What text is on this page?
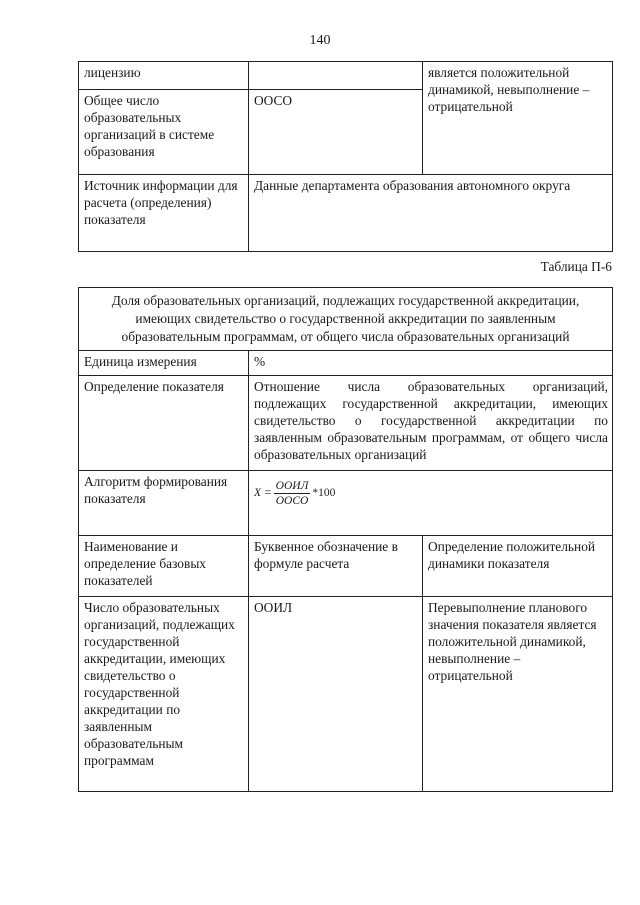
140
лицензию		является положительной динамикой, невыполнение – отрицательной
Общее число образовательных организаций в системе образования	ООСО	
Источник информации для расчета (определения) показателя	Данные департамента образования автономного округа	
Таблица П-6
Доля образовательных организаций, подлежащих государственной аккредитации, имеющих свидетельство о государственной аккредитации по заявленным образовательным программам, от общего числа образовательных организаций		
Единица измерения	%	
Определение показателя	Отношение числа образовательных организаций, подлежащих государственной аккредитации, имеющих свидетельство о государственной аккредитации по заявленным образовательным программам, от общего числа образовательных организаций	
Алгоритм формирования показателя	$X = \frac{\text{ООИЛ}}{\text{ООСО}} *100$	

Наименование и определение базовых показателей	Буквенное обозначение в формуле расчета	Определение положительной динамики показателя
Число образовательных организаций, подлежащих государственной аккредитации, имеющих свидетельство о государственной аккредитации по заявленным образовательным программам	ООИЛ	Перевыполнение планового значения показателя является положительной динамикой, невыполнение – отрицательной
